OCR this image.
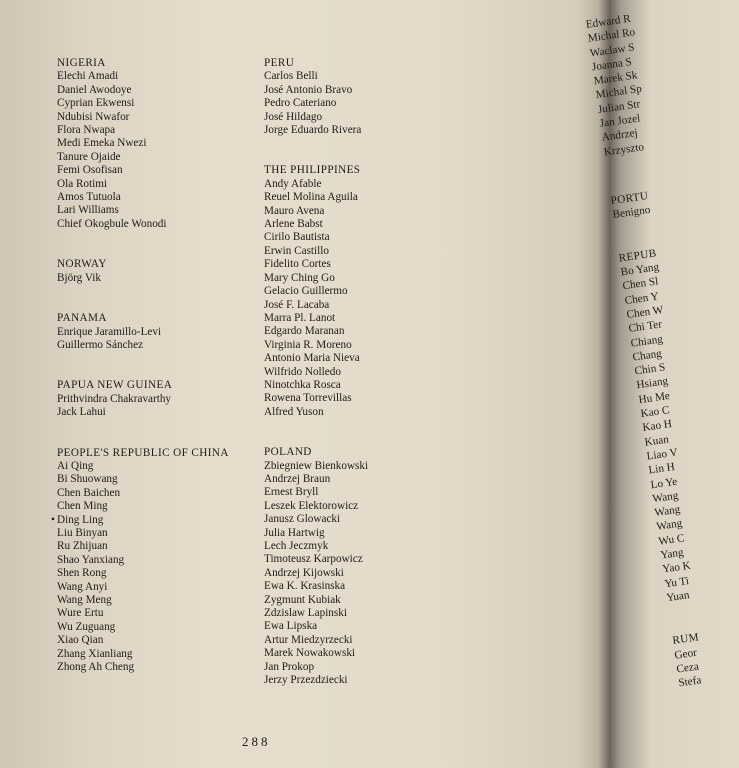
NIGERIA
Elechi Amadi
Daniel Awodoye
Cyprian Ekwensi
Ndubisi Nwafor
Flora Nwapa
Medi Emeka Nwezi
Tanure Ojaide
Femi Osofisan
Ola Rotimi
Amos Tutuola
Lari Williams
Chief Okogbule Wonodi
NORWAY
Björg Vik
PANAMA
Enrique Jaramillo-Levi
Guillermo Sánchez
PAPUA NEW GUINEA
Prithvindra Chakravarthy
Jack Lahui
PEOPLE'S REPUBLIC OF CHINA
Ai Qing
Bi Shuowang
Chen Baichen
Chen Ming
Ding Ling
•
Liu Binyan
Ru Zhijuan
Shao Yanxiang
Shen Rong
Wang Anyi
Wang Meng
Wure Ertu
Wu Zuguang
Xiao Qian
Zhang Xianliang
Zhong Ah Cheng
PERU
Carlos Belli
José Antonio Bravo
Pedro Cateriano
José Hildago
Jorge Eduardo Rivera
THE PHILIPPINES
Andy Afable
Reuel Molina Aguila
Mauro Avena
Arlene Babst
Cirilo Bautista
Erwin Castillo
Fidelito Cortes
Mary Ching Go
Gelacio Guillermo
José F. Lacaba
Marra Pl. Lanot
Edgardo Maranan
Virginia R. Moreno
Antonio Maria Nieva
Wilfrido Nolledo
Ninotchka Rosca
Rowena Torrevillas
Alfred Yuson
POLAND
Zbiegniew Bienkowski
Andrzej Braun
Ernest Bryll
Leszek Elektorowicz
Janusz Glowacki
Julia Hartwig
Lech Jeczmyk
Timoteusz Karpowicz
Andrzej Kijowski
Ewa K. Krasinska
Zygmunt Kubiak
Zdzislaw Lapinski
Ewa Lipska
Artur Miedzyrzecki
Marek Nowakowski
Jan Prokop
Jerzy Przezdziecki
288
Edward R
Michal Ro
Waclaw S
Joanna S
Marek Sk
Michal Sp
Julian Str
Jan Jozel
Andrzej
Krzyszto
PORTU
Benigno
REPUB
Bo Yang
Chen Sl
Chen Y
Chen W
Chi Ter
Chiang
Chang
Chin S
Hsiang
Hu Me
Kao C
Kao H
Kuan
Liao V
Lin H
Lo Ye
Wang
Wang
Wang
Wu C
Yang
Yao K
Yu Ti
Yuan
RUM
Geor
Ceza
Stefa
